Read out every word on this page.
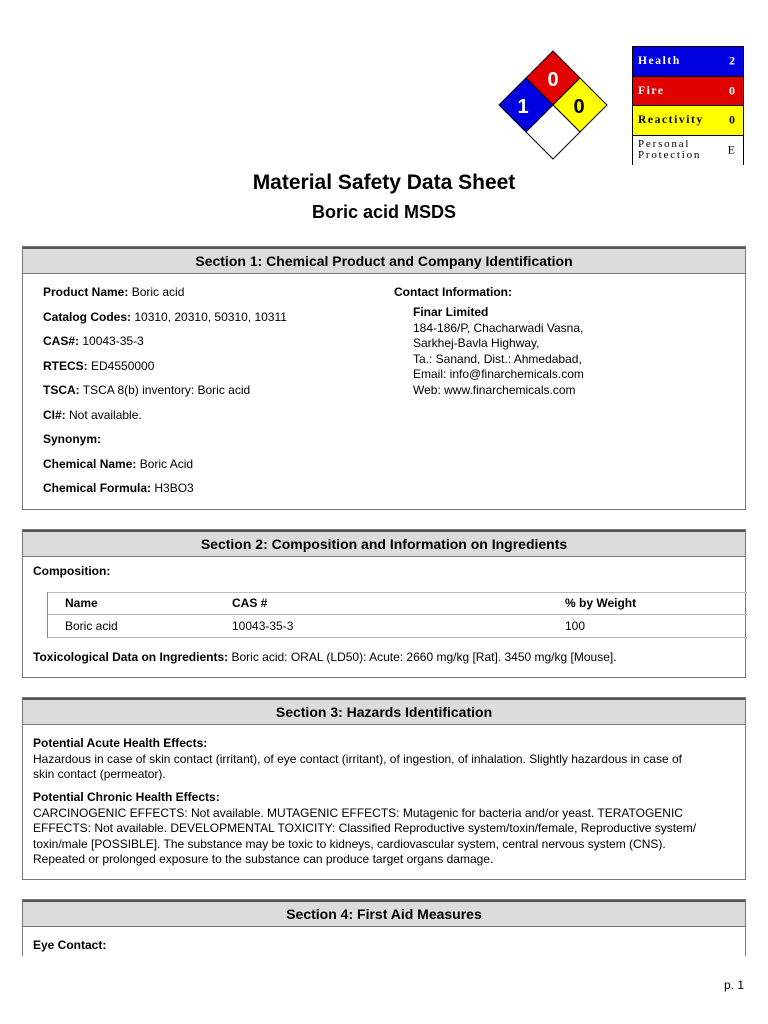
0
1 0
Health	2
Fire	0
Reactivity 0
Personal
Protection E
Material Safety Data Sheet
Boric acid MSDS
Section 1: Chemical Product and Company Identification
Product Name: Boric acid
Catalog Codes: 10310, 20310, 50310, 10311
CAS#: 10043-35-3
RTECS: ED4550000
TSCA: TSCA 8(b) inventory: Boric acid
CI#: Not available.
Synonym:
Chemical Name: Boric Acid
Chemical Formula: H3BO3
Contact Information:
Finar Limited
184-186/P, Chacharwadi Vasna,
Sarkhej-Bavla Highway,
Ta.: Sanand, Dist.: Ahmedabad,
Email: info@finarchemicals.com
Web: www.finarchemicals.com
Section 2: Composition and Information on Ingredients
Composition:
Name	CAS #	% by Weight
Boric acid	10043-35-3	100
Toxicological Data on Ingredients: Boric acid: ORAL (LD50): Acute: 2660 mg/kg [Rat]. 3450 mg/kg [Mouse].
Section 3: Hazards Identification
Potential Acute Health Effects:
Hazardous in case of skin contact (irritant), of eye contact (irritant), of ingestion, of inhalation. Slightly hazardous in case of
skin contact (permeator).
Potential Chronic Health Effects:
CARCINOGENIC EFFECTS: Not available. MUTAGENIC EFFECTS: Mutagenic for bacteria and/or yeast. TERATOGENIC
EFFECTS: Not available. DEVELOPMENTAL TOXICITY: Classified Reproductive system/toxin/female, Reproductive system/
toxin/male [POSSIBLE]. The substance may be toxic to kidneys, cardiovascular system, central nervous system (CNS).
Repeated or prolonged exposure to the substance can produce target organs damage.
Section 4: First Aid Measures
Eye Contact:
p. 1
